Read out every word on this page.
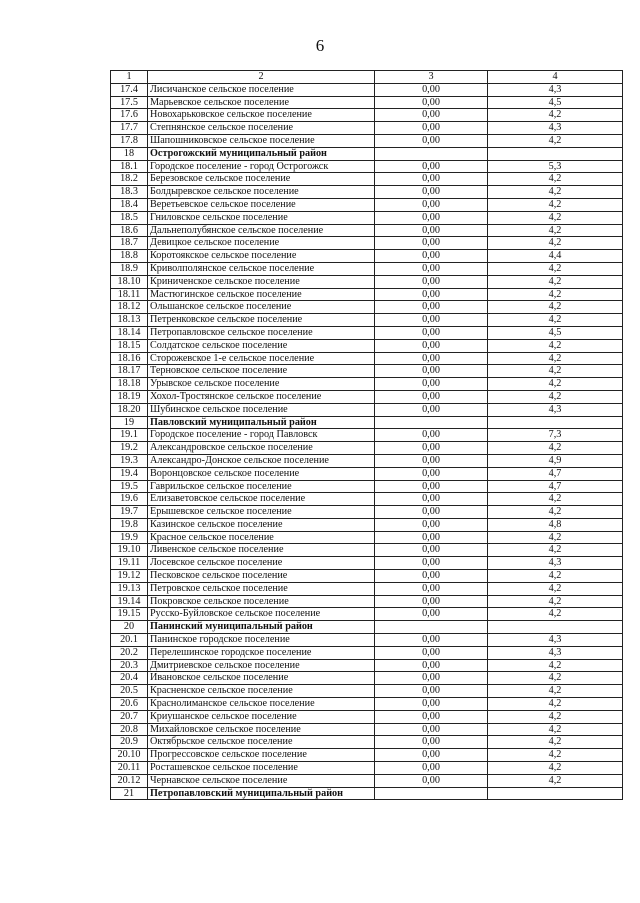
6
1	2	3	4
17.4	Лисичанское сельское поселение	0,00	4,3
17.5	Марьевское сельское поселение	0,00	4,5
17.6	Новохарьковское сельское поселение	0,00	4,2
17.7	Степнянское сельское поселение	0,00	4,3
17.8	Шапошниковское сельское поселение	0,00	4,2
18	Острогожский муниципальный район		
18.1	Городское поселение - город Острогожск	0,00	5,3
18.2	Березовское сельское поселение	0,00	4,2
18.3	Болдыревское сельское поселение	0,00	4,2
18.4	Веретьевское сельское поселение	0,00	4,2
18.5	Гниловское сельское поселение	0,00	4,2
18.6	Дальнеполубянское сельское поселение	0,00	4,2
18.7	Девицкое сельское поселение	0,00	4,2
18.8	Коротоякское сельское поселение	0,00	4,4
18.9	Криволполянское сельское поселение	0,00	4,2
18.10	Криниченское сельское поселение	0,00	4,2
18.11	Мастюгинское сельское поселение	0,00	4,2
18.12	Ольшанское сельское поселение	0,00	4,2
18.13	Петренковское сельское поселение	0,00	4,2
18.14	Петропавловское сельское поселение	0,00	4,5
18.15	Солдатское сельское поселение	0,00	4,2
18.16	Сторожевское 1-е сельское поселение	0,00	4,2
18.17	Терновское сельское поселение	0,00	4,2
18.18	Урывское сельское поселение	0,00	4,2
18.19	Хохол-Тростянское сельское поселение	0,00	4,2
18.20	Шубинское сельское поселение	0,00	4,3
19	Павловский муниципальный район		
19.1	Городское поселение - город Павловск	0,00	7,3
19.2	Александровское сельское поселение	0,00	4,2
19.3	Александро-Донское сельское поселение	0,00	4,9
19.4	Воронцовское сельское поселение	0,00	4,7
19.5	Гаврильское сельское поселение	0,00	4,7
19.6	Елизаветовское сельское поселение	0,00	4,2
19.7	Ерышевское сельское поселение	0,00	4,2
19.8	Казинское сельское поселение	0,00	4,8
19.9	Красное сельское поселение	0,00	4,2
19.10	Ливенское сельское поселение	0,00	4,2
19.11	Лосевское сельское поселение	0,00	4,3
19.12	Песковское сельское поселение	0,00	4,2
19.13	Петровское сельское поселение	0,00	4,2
19.14	Покровское сельское поселение	0,00	4,2
19.15	Русско-Буйловское сельское поселение	0,00	4,2
20	Панинский муниципальный район		
20.1	Панинское городское поселение	0,00	4,3
20.2	Перелешинское городское поселение	0,00	4,3
20.3	Дмитриевское сельское поселение	0,00	4,2
20.4	Ивановское сельское поселение	0,00	4,2
20.5	Красненское сельское поселение	0,00	4,2
20.6	Краснолиманское сельское поселение	0,00	4,2
20.7	Криушанское сельское поселение	0,00	4,2
20.8	Михайловское сельское поселение	0,00	4,2
20.9	Октябрьское сельское поселение	0,00	4,2
20.10	Прогрессовское сельское поселение	0,00	4,2
20.11	Росташевское сельское поселение	0,00	4,2
20.12	Чернавское сельское поселение	0,00	4,2
21	Петропавловский муниципальный район		
